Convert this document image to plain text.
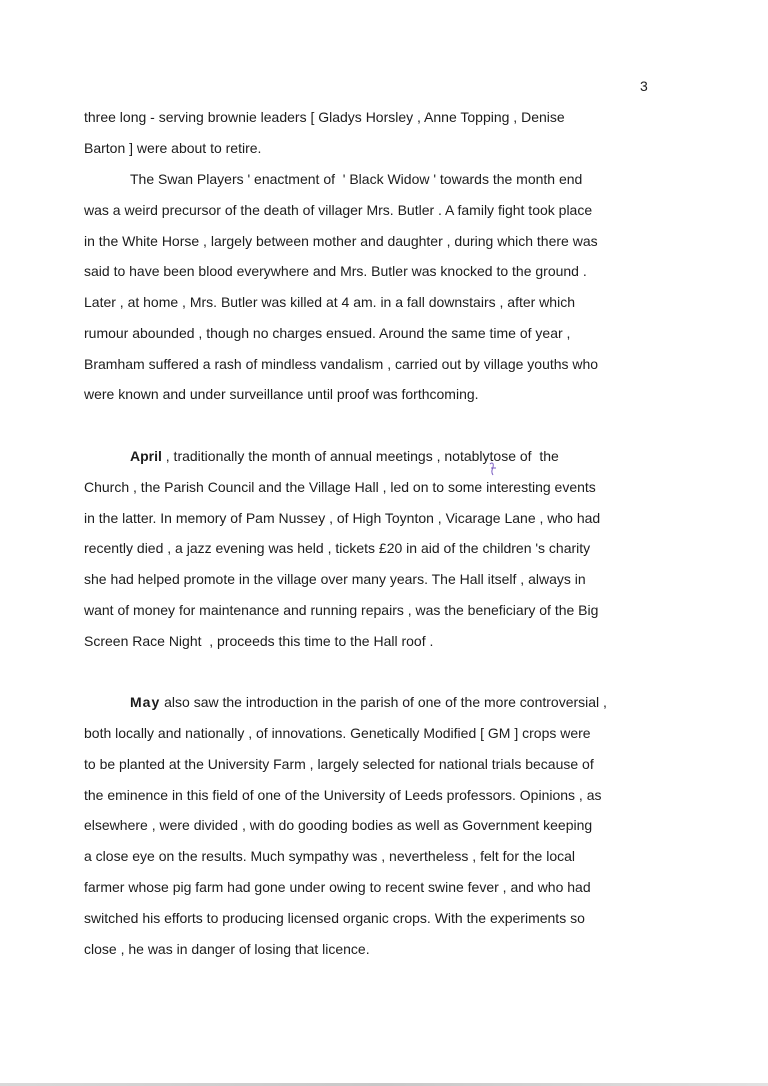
3
three long - serving brownie leaders [ Gladys Horsley , Anne Topping , Denise
Barton ] were about to retire.
The Swan Players ' enactment of  ' Black Widow ' towards the month end
was a weird precursor of the death of villager Mrs. Butler . A family fight took place
in the White Horse , largely between mother and daughter , during which there was
said to have been blood everywhere and Mrs. Butler was knocked to the ground .
Later , at home , Mrs. Butler was killed at 4 am. in a fall downstairs , after which
rumour abounded , though no charges ensued. Around the same time of year ,
Bramham suffered a rash of mindless vandalism , carried out by village youths who
were known and under surveillance until proof was forthcoming.
April , traditionally the month of annual meetings , notably
tose of  the
Church , the Parish Council and the Village Hall , led on to some interesting events
in the latter. In memory of Pam Nussey , of High Toynton , Vicarage Lane , who had
recently died , a jazz evening was held , tickets £20 in aid of the children 's charity
she had helped promote in the village over many years. The Hall itself , always in
want of money for maintenance and running repairs , was the beneficiary of the Big
Screen Race Night  , proceeds this time to the Hall roof .
May also saw the introduction in the parish of one of the more controversial ,
both locally and nationally , of innovations. Genetically Modified [ GM ] crops were
to be planted at the University Farm , largely selected for national trials because of
the eminence in this field of one of the University of Leeds professors. Opinions , as
elsewhere , were divided , with do gooding bodies as well as Government keeping
a close eye on the results. Much sympathy was , nevertheless , felt for the local
farmer whose pig farm had gone under owing to recent swine fever , and who had
switched his efforts to producing licensed organic crops. With the experiments so
close , he was in danger of losing that licence.
